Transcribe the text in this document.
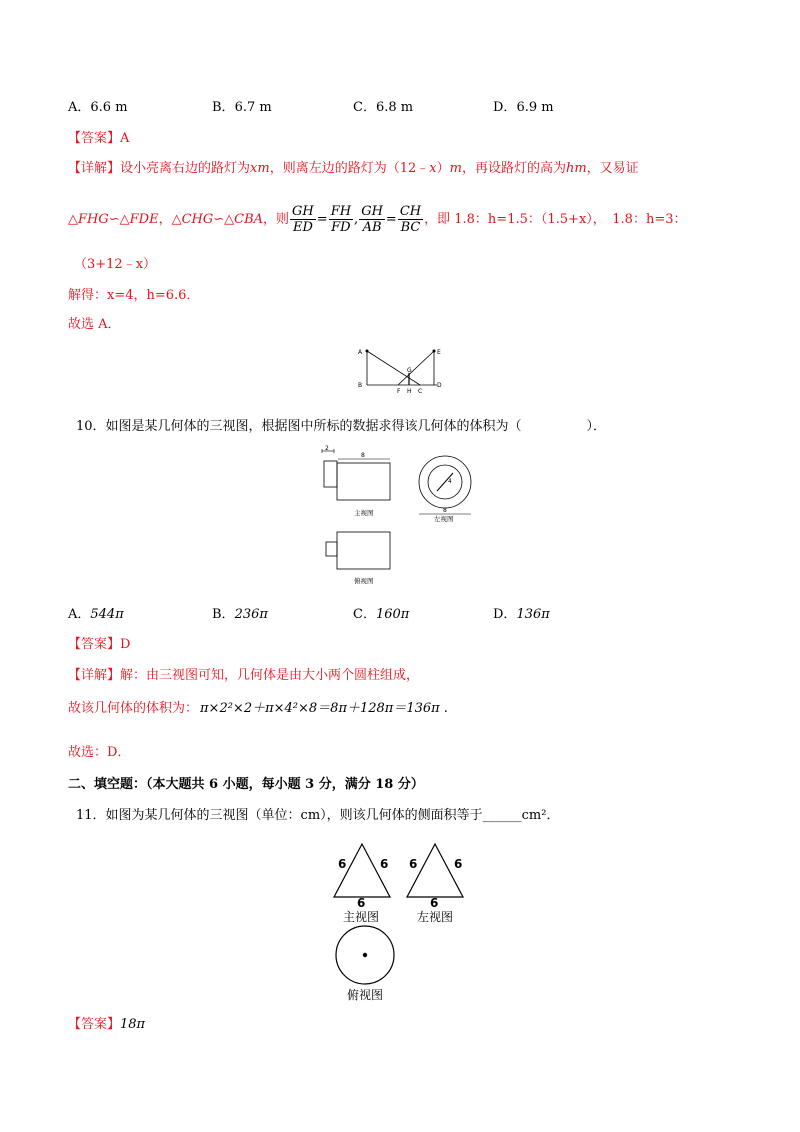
A．6.6 m	B．6.7 m	C．6.8 m	D．6.9 m
【答案】A
【详解】设小亮离右边的路灯为xm，则离左边的路灯为（12﹣x）m，再设路灯的高为hm，又易证
△FHG∽△FDE，△CHG∽△CBA，则 $\frac{GH}{ED} = \frac{FH}{FD}$ , $\frac{GH}{AB} = \frac{CH}{BC}$ ，即 1.8：h=1.5：（1.5+x），　1.8：h=3：
（3+12﹣x）
解得：x=4，h=6.6．
故选 A．
A
B
G
F H C
E
D
10．如图是某几何体的三视图，根据图中所标的数据求得该几何体的体积为（　　　　　）．
2
8
主视图
4
8
左视图
俯视图
A．544π	B．236π	C．160π	D．136π
【答案】D
【详解】解：由三视图可知，几何体是由大小两个圆柱组成，
故该几何体的体积为： π×2²×2＋π×4²×8＝8π＋128π＝136π .
故选：D．
二、填空题：（本大题共 6 小题，每小题 3 分，满分 18 分）
11．如图为某几何体的三视图（单位：cm），则该几何体的侧面积等于______cm²．
6	6
6
主视图
6	6
6
左视图
俯视图
【答案】18π
